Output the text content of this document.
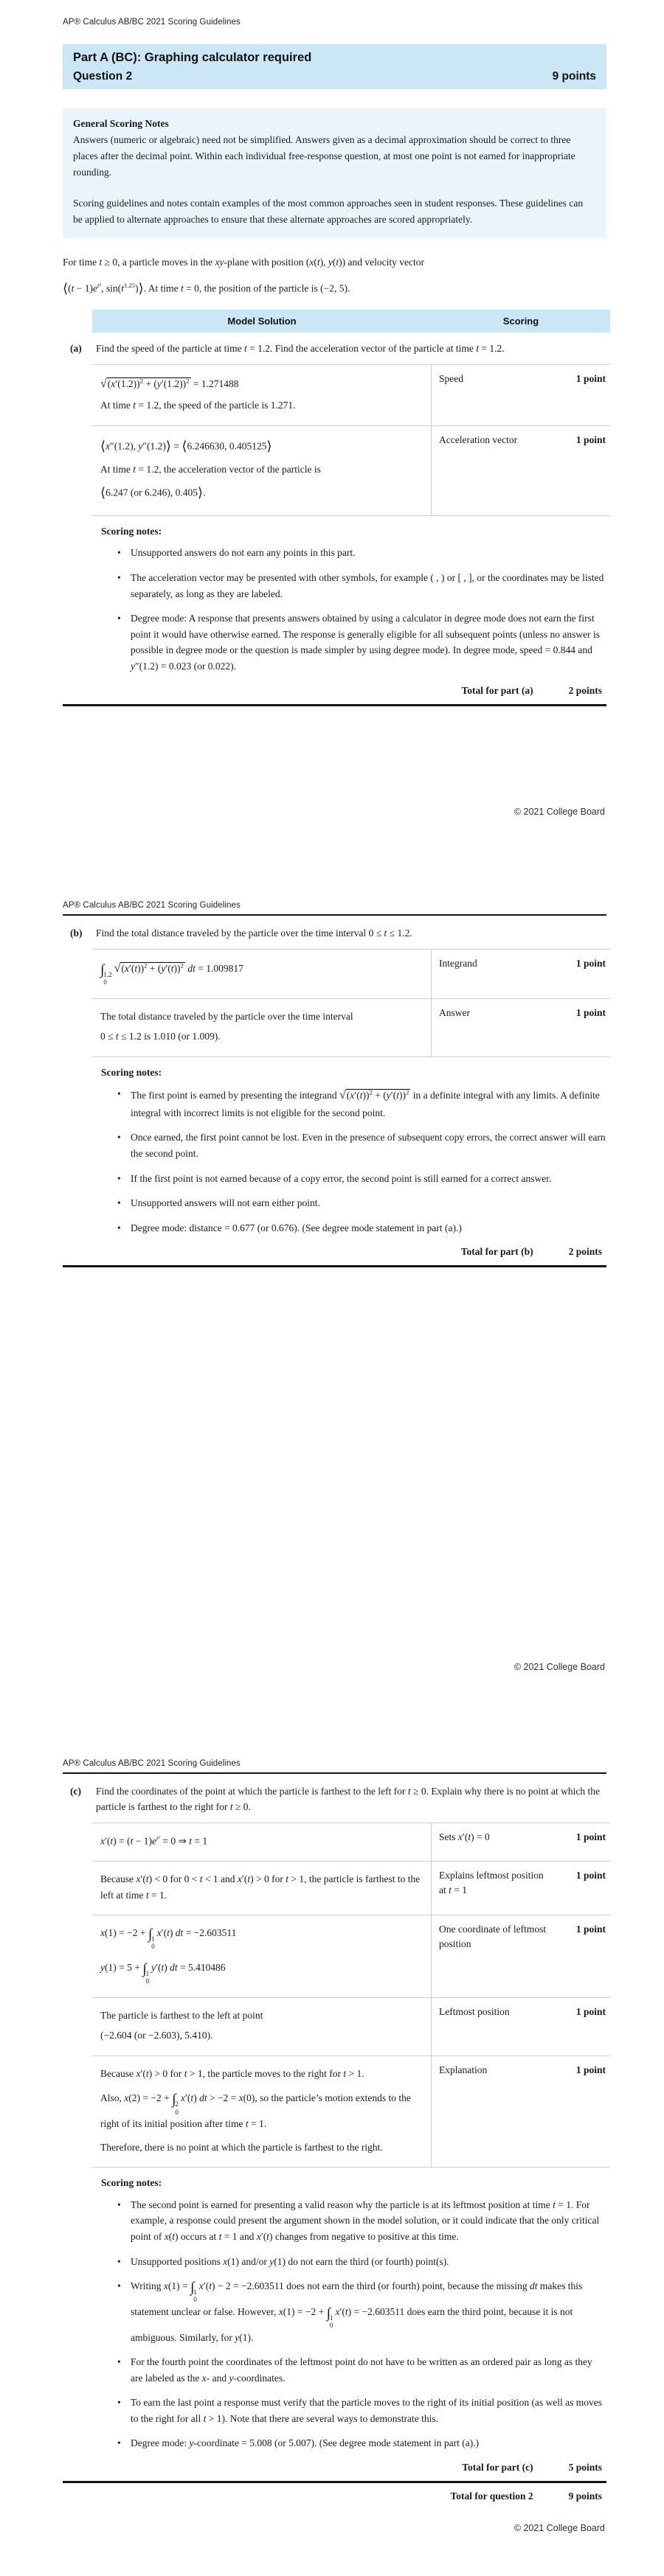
AP® Calculus AB/BC 2021 Scoring Guidelines
Part A (BC): Graphing calculator required
Question 2	9 points

General Scoring Notes
Answers (numeric or algebraic) need not be simplified. Answers given as a decimal approximation should be correct to three places after the decimal point. Within each individual free-response question, at most one point is not earned for inappropriate rounding.

Scoring guidelines and notes contain examples of the most common approaches seen in student responses. These guidelines can be applied to alternate approaches to ensure that these alternate approaches are scored appropriately.

For time t ≥ 0, a particle moves in the xy-plane with position (x(t), y(t)) and velocity vector

⟨(t − $1)e^{t^2}$, $\sin(t^{1.25})⟩$. At time t = 0, the position of the particle is (−2, 5).

Model Solution	Scoring
(a)	Find the speed of the particle at time t = 1.2. Find the acceleration vector of the particle at time t = 1.2.

$√(x'(1.2))^2 + (y'(1.2))^2 = 1.271488$

At time t = 1.2, the speed of the particle is 1.271.

Speed	1 point

⟨x″(1.2), y″(1.2)⟩ = ⟨6.246630, 0.405125⟩

At time t = 1.2, the acceleration vector of the particle is

⟨6.247 (or 6.246), 0.405⟩.

Acceleration vector	1 point
Scoring notes:
• Unsupported answers do not earn any points in this part.
• The acceleration vector may be presented with other symbols, for example ( , ) or [ , ], or the coordinates may be listed separately, as long as they are labeled.
• Degree mode: A response that presents answers obtained by using a calculator in degree mode does not earn the first point it would have otherwise earned. The response is generally eligible for all subsequent points (unless no answer is possible in degree mode or the question is made simpler by using degree mode). In degree mode, speed = 0.844 and y″(1.2) = 0.023 (or 0.022).
Total for part (a)	2 points
© 2021 College Board
AP® Calculus AB/BC 2021 Scoring Guidelines
(b)	Find the total distance traveled by the particle over the time interval 0 ≤ t ≤ 1.2.

∫ 1.2
0
$√(x'(t))^2 + (y'(t))^2$ dt = 1.009817	Integrand	1 point

The total distance traveled by the particle over the time interval

0 ≤ t ≤ 1.2 is 1.010 (or 1.009).

Answer	1 point
Scoring notes:
• The first point is earned by presenting the integrand $√(x'(t))^2 + (y'(t))^2$ in a definite integral with any limits. A definite integral with incorrect limits is not eligible for the second point.
• Once earned, the first point cannot be lost. Even in the presence of subsequent copy errors, the correct answer will earn the second point.
• If the first point is not earned because of a copy error, the second point is still earned for a correct answer.
• Unsupported answers will not earn either point.
• Degree mode: distance = 0.677 (or 0.676). (See degree mode statement in part (a).)
Total for part (b)	2 points
© 2021 College Board
AP® Calculus AB/BC 2021 Scoring Guidelines
(c)	Find the coordinates of the point at which the particle is farthest to the left for t ≥ 0. Explain why there is no point at which the particle is farthest to the right for t ≥ 0.

$x'(t) = (t - 1)e^{t^2} = 0$ ⇒ t = 1	Sets x′(t) = 0	1 point

Because x′(t) < 0 for 0 < t < 1 and x′(t) > 0 for t > 1, the particle is farthest to the left at time t = 1.

Explains leftmost position at t = 1
1 point

x(1) = −2 + ∫ 1
0
x′(t) dt = −2.603511

y(1) = 5 + ∫ 1
0
y′(t) dt = 5.410486

One coordinate of leftmost position
1 point

The particle is farthest to the left at point

(−2.604 (or −2.603), 5.410).

Leftmost position	1 point

Because x′(t) > 0 for t > 1, the particle moves to the right for t > 1.

Also, x(2) = −2 + ∫ 2
0
x′(t) dt > −2 = x(0), so the particle’s motion extends to the right of its initial position after time t = 1.

Therefore, there is no point at which the particle is farthest to the right.

Explanation	1 point
Scoring notes:
• The second point is earned for presenting a valid reason why the particle is at its leftmost position at time t = 1. For example, a response could present the argument shown in the model solution, or it could indicate that the only critical point of x(t) occurs at t = 1 and x′(t) changes from negative to positive at this time.
• Unsupported positions x(1) and/or y(1) do not earn the third (or fourth) point(s).
• Writing x(1) = ∫ 1
0
x′(t) − 2 = −2.603511 does not earn the third (or fourth) point, because the missing dt makes this statement unclear or false. However, x(1) = −2 + ∫ 1
0
x′(t) = −2.603511 does earn the third point, because it is not ambiguous. Similarly, for y(1).
• For the fourth point the coordinates of the leftmost point do not have to be written as an ordered pair as long as they are labeled as the x- and y-coordinates.
• To earn the last point a response must verify that the particle moves to the right of its initial position (as well as moves to the right for all t > 1). Note that there are several ways to demonstrate this.
• Degree mode: y-coordinate = 5.008 (or 5.007). (See degree mode statement in part (a).)
Total for part (c)	5 points
Total for question 2	9 points
© 2021 College Board
